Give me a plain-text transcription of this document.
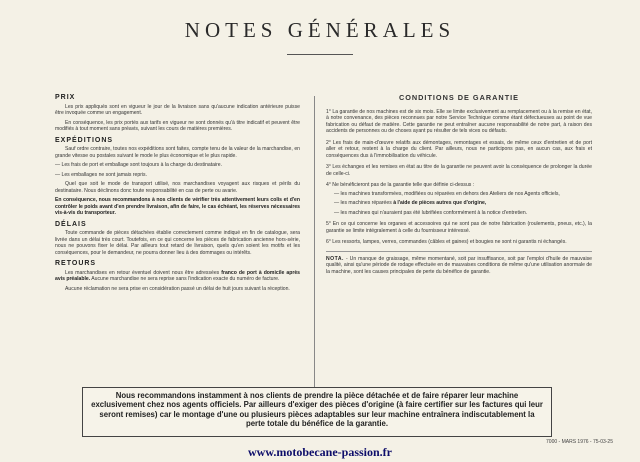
NOTES GÉNÉRALES
PRIX

Les prix appliqués sont en vigueur le jour de la livraison sans qu'aucune indication antérieure puisse être invoquée comme un engagement.

En conséquence, les prix portés aux tarifs en vigueur ne sont donnés qu'à titre indicatif et peuvent être modifiés à tout moment sans préavis, suivant les cours de matières premières.

EXPÉDITIONS

Sauf ordre contraire, toutes nos expéditions sont faites, compte tenu de la valeur de la marchandise, en grande vitesse ou postales suivant le mode le plus économique et le plus rapide.

— Les frais de port et emballage sont toujours à la charge du destinataire.

— Les emballages ne sont jamais repris.

Quel que soit le mode de transport utilisé, nos marchandises voyagent aux risques et périls du destinataire. Nous déclinons donc toute responsabilité en cas de perte ou avarie.

En conséquence, nous recommandons à nos clients de vérifier très attentivement leurs colis et d'en contrôler le poids avant d'en prendre livraison, afin de faire, le cas échéant, les réserves nécessaires vis-à-vis du transporteur.

DÉLAIS

Toute commande de pièces détachées établie correctement comme indiqué en fin de catalogue, sera livrée dans un délai très court. Toutefois, en ce qui concerne les pièces de fabrication ancienne hors-série, nous ne pouvons fixer le délai. Par ailleurs tout retard de livraison, quels qu'en soient les motifs et les conséquences, pour le demandeur, ne pourra donner lieu à des dommages ou intérêts.

RETOURS

Les marchandises en retour éventuel doivent nous être adressées franco de port à domicile après avis préalable. Aucune marchandise ne sera reprise sans l'indication exacte du numéro de facture.

Aucune réclamation ne sera prise en considération passé un délai de huit jours suivant la réception.

CONDITIONS DE GARANTIE
1° La garantie de nos machines est de six mois. Elle se limite exclusivement au remplacement ou à la remise en état, à notre convenance, des pièces reconnues par notre Service Technique comme étant défectueuses au point de vue fabrication ou défaut de matière. Cette garantie ne peut entraîner aucune responsabilité de notre part, à raison des accidents de personnes ou de choses ayant pu résulter de tels vices ou défauts.
2° Les frais de main-d'œuvre relatifs aux démontages, remontages et essais, de même ceux d'entretien et de port aller et retour, restent à la charge du client. Par ailleurs, nous ne participons pas, en aucun cas, aux frais et conséquences dus à l'immobilisation du véhicule.
3° Les échanges et les remises en état au titre de la garantie ne peuvent avoir la conséquence de prolonger la durée de celle-ci.
4° Ne bénéficieront pas de la garantie telle que définie ci-dessus :
— les machines transformées, modifiées ou réparées en dehors des Ateliers de nos Agents officiels,
— les machines réparées à l'aide de pièces autres que d'origine,
— les machines qui n'auraient pas été lubrifiées conformément à la notice d'entretien.
5° En ce qui concerne les organes et accessoires qui ne sont pas de notre fabrication (roulements, pneus, etc.), la garantie se limite intégralement à celle du fournisseur intéressé.
6° Les ressorts, lampes, verres, commandes (câbles et gaines) et bougies ne sont ni garantis ni échangés.
NOTA. - Un manque de graissage, même momentané, soit par insuffisance, soit par l'emploi d'huile de mauvaise qualité, ainsi qu'une période de rodage effectuée en de mauvaises conditions de même qu'une utilisation anormale de la machine, sont les causes principales de perte du bénéfice de garantie.
Nous recommandons instamment à nos clients de prendre la pièce détachée et de faire réparer leur machine exclusivement chez nos agents officiels. Par ailleurs d'exiger des pièces d'origine (à faire certifier sur les factures qui leur seront remises) car le montage d'une ou plusieurs pièces adaptables sur leur machine entraînera indiscutablement la perte totale du bénéfice de la garantie.
7000 - MARS 1976 - 75-03-25
www.motobecane-passion.fr
